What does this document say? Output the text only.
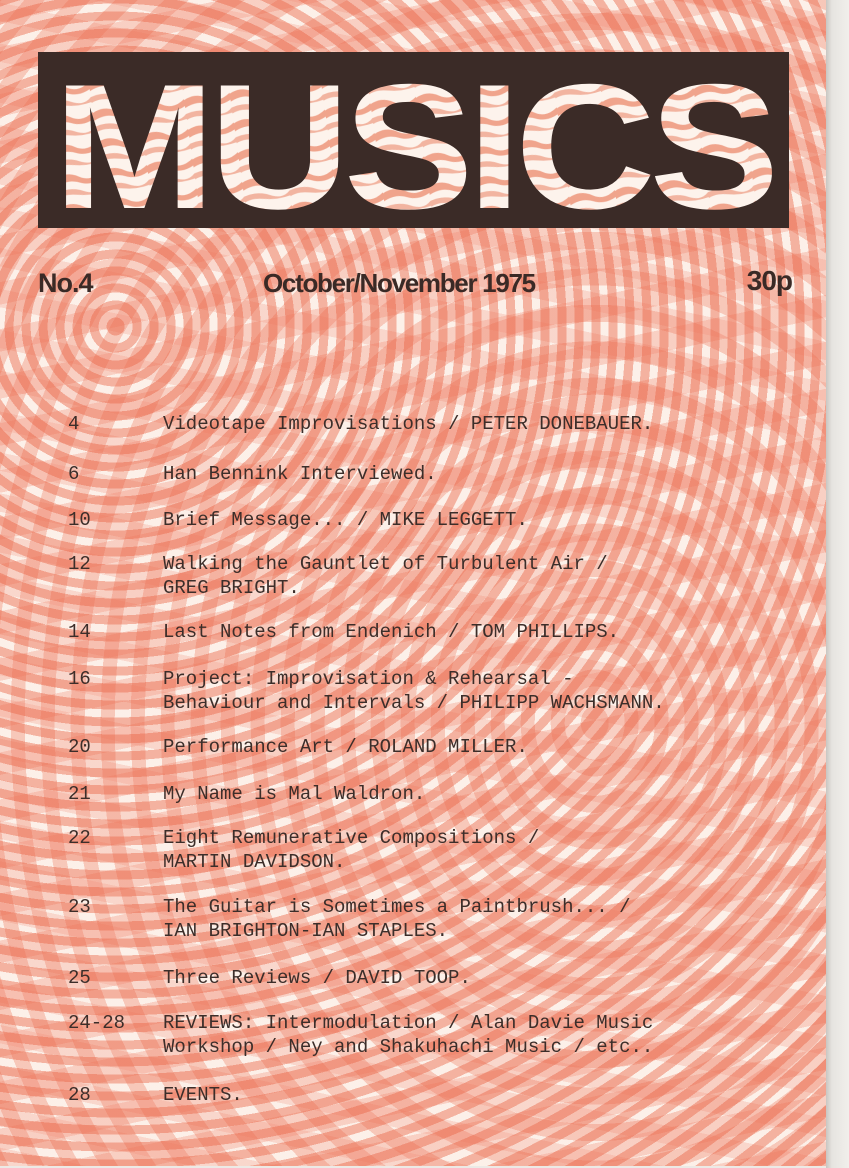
MUSICS
No.4	October/November 1975	30p
4	Videotape Improvisations / PETER DONEBAUER.
6	Han Bennink Interviewed.
10	Brief Message... / MIKE LEGGETT.
12	Walking the Gauntlet of Turbulent Air /
GREG BRIGHT.
14	Last Notes from Endenich / TOM PHILLIPS.
16	Project: Improvisation & Rehearsal -
Behaviour and Intervals / PHILIPP WACHSMANN.
20	Performance Art / ROLAND MILLER.
21	My Name is Mal Waldron.
22	Eight Remunerative Compositions /
MARTIN DAVIDSON.
23	The Guitar is Sometimes a Paintbrush... /
IAN BRIGHTON-IAN STAPLES.
25	Three Reviews / DAVID TOOP.
24-28	REVIEWS: Intermodulation / Alan Davie Music
Workshop / Ney and Shakuhachi Music / etc..
28	EVENTS.
